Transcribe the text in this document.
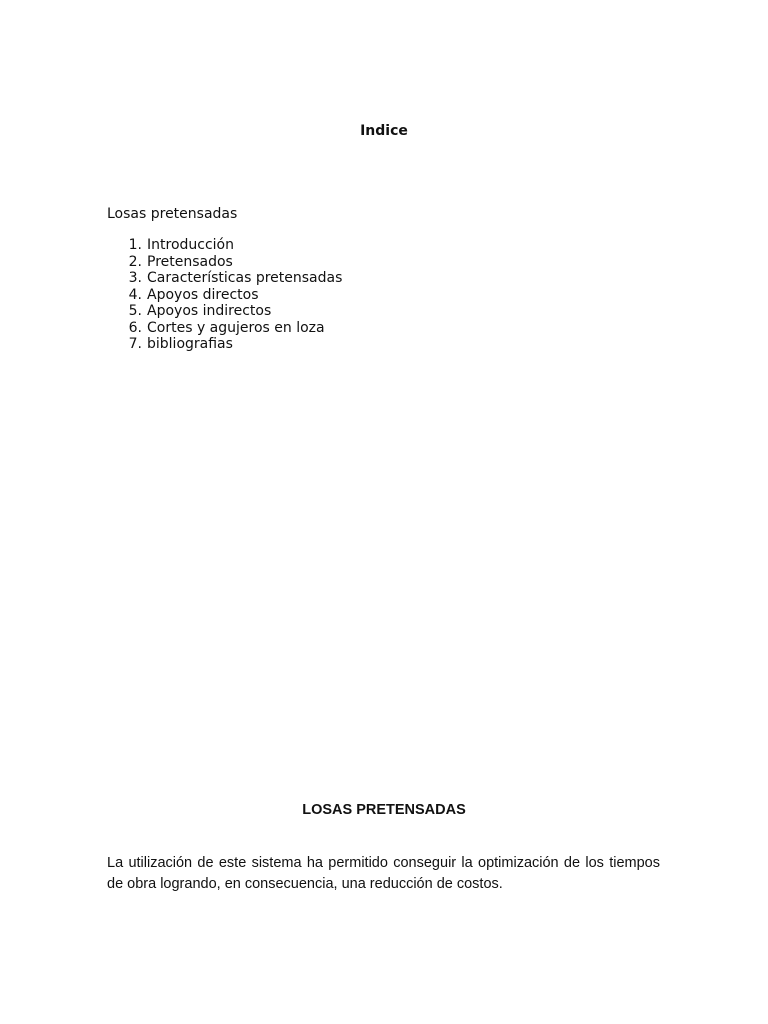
Indice
Losas pretensadas
1. Introducción
2. Pretensados
3. Características pretensadas
4. Apoyos directos
5. Apoyos indirectos
6. Cortes y agujeros en loza
7. bibliografias
LOSAS PRETENSADAS

La utilización de este sistema ha permitido conseguir la optimización de los tiempos de obra logrando, en consecuencia, una reducción de costos.
